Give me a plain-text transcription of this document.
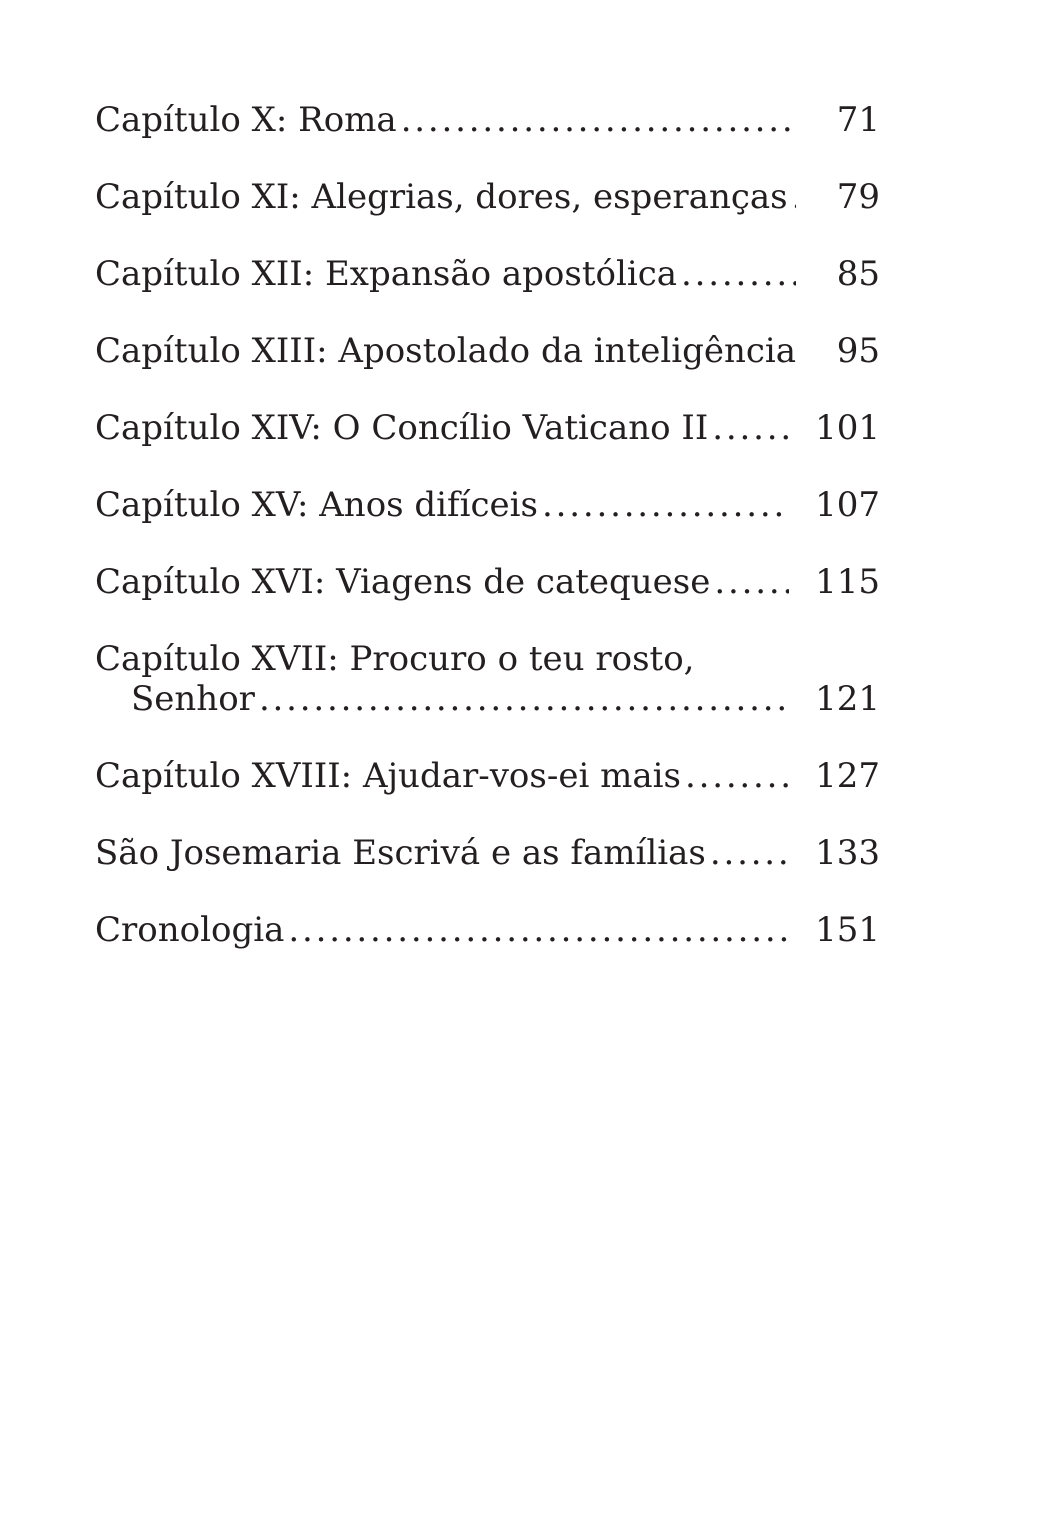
Capítulo X: Roma . . .	71
Capítulo XI: Alegrias, dores, esperanças . . .	79
Capítulo XII: Expansão apostólica . . .	85
Capítulo XIII: Apostolado da inteligência	95
Capítulo XIV: O Concílio Vaticano II . . .	101
Capítulo XV: Anos difíceis . . .	107
Capítulo XVI: Viagens de catequese . . .	115
Capítulo XVII: Procuro o teu rosto,
Senhor . . .	121
Capítulo XVIII: Ajudar-vos-ei mais . . .	127
São Josemaria Escrivá e as famílias . . .	133
Cronologia . . .	151
